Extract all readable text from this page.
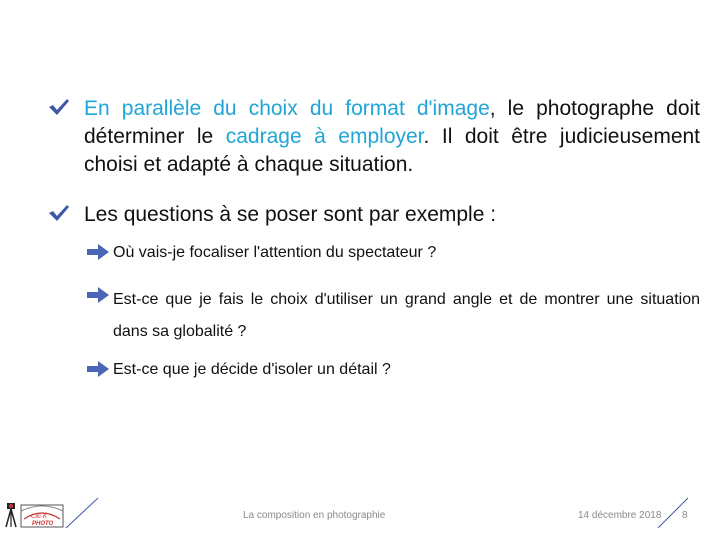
En parallèle du choix du format d'image, le photographe doit déterminer le cadrage à employer. Il doit être judicieusement choisi et adapté à chaque situation.
Les questions à se poser sont par exemple :
Où vais-je focaliser l'attention du spectateur ?
Est-ce que je fais le choix d'utiliser un grand angle et de montrer une situation dans sa globalité ?
Est-ce que je décide d'isoler un détail ?
Clic-K
PHOTO
La composition en photographie	14 décembre 2018 8
